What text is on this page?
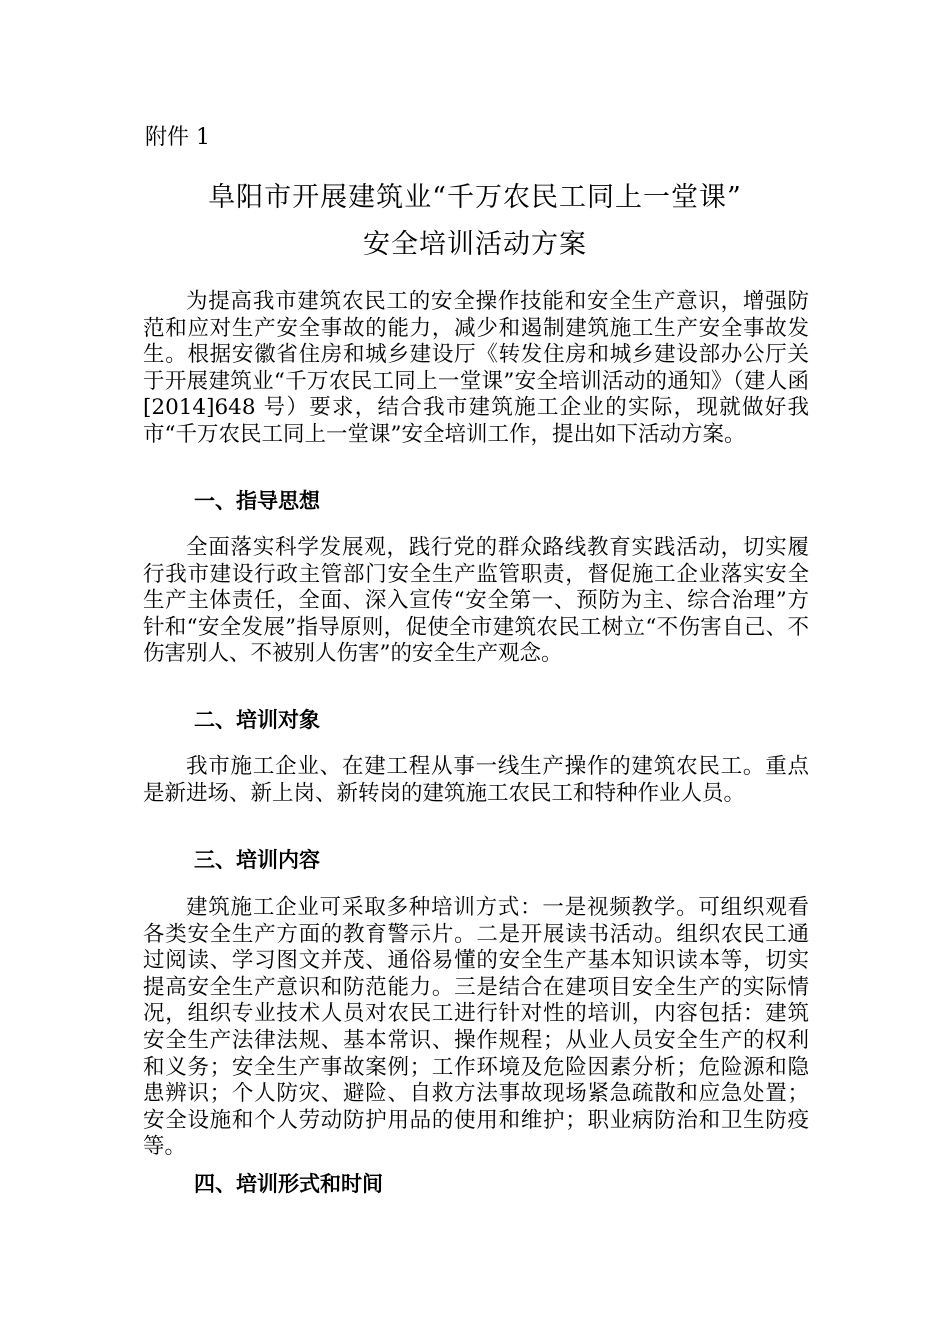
附件 1
阜阳市开展建筑业“千万农民工同上一堂课”
安全培训活动方案

为提高我市建筑农民工的安全操作技能和安全生产意识，增强防范和应对生产安全事故的能力，减少和遏制建筑施工生产安全事故发生。根据安徽省住房和城乡建设厅《转发住房和城乡建设部办公厅关于开展建筑业“千万农民工同上一堂课”安全培训活动的通知》（建人函[2014]648 号）要求，结合我市建筑施工企业的实际，现就做好我市“千万农民工同上一堂课”安全培训工作，提出如下活动方案。

一、指导思想

全面落实科学发展观，践行党的群众路线教育实践活动，切实履行我市建设行政主管部门安全生产监管职责，督促施工企业落实安全生产主体责任，全面、深入宣传“安全第一、预防为主、综合治理”方针和“安全发展”指导原则，促使全市建筑农民工树立“不伤害自己、不伤害别人、不被别人伤害”的安全生产观念。

二、培训对象

我市施工企业、在建工程从事一线生产操作的建筑农民工。重点是新进场、新上岗、新转岗的建筑施工农民工和特种作业人员。

三、培训内容

建筑施工企业可采取多种培训方式：一是视频教学。可组织观看各类安全生产方面的教育警示片。二是开展读书活动。组织农民工通过阅读、学习图文并茂、通俗易懂的安全生产基本知识读本等，切实提高安全生产意识和防范能力。三是结合在建项目安全生产的实际情况，组织专业技术人员对农民工进行针对性的培训，内容包括：建筑安全生产法律法规、基本常识、操作规程；从业人员安全生产的权利和义务；安全生产事故案例；工作环境及危险因素分析；危险源和隐患辨识；个人防灾、避险、自救方法事故现场紧急疏散和应急处置；安全设施和个人劳动防护用品的使用和维护；职业病防治和卫生防疫等。

四、培训形式和时间
